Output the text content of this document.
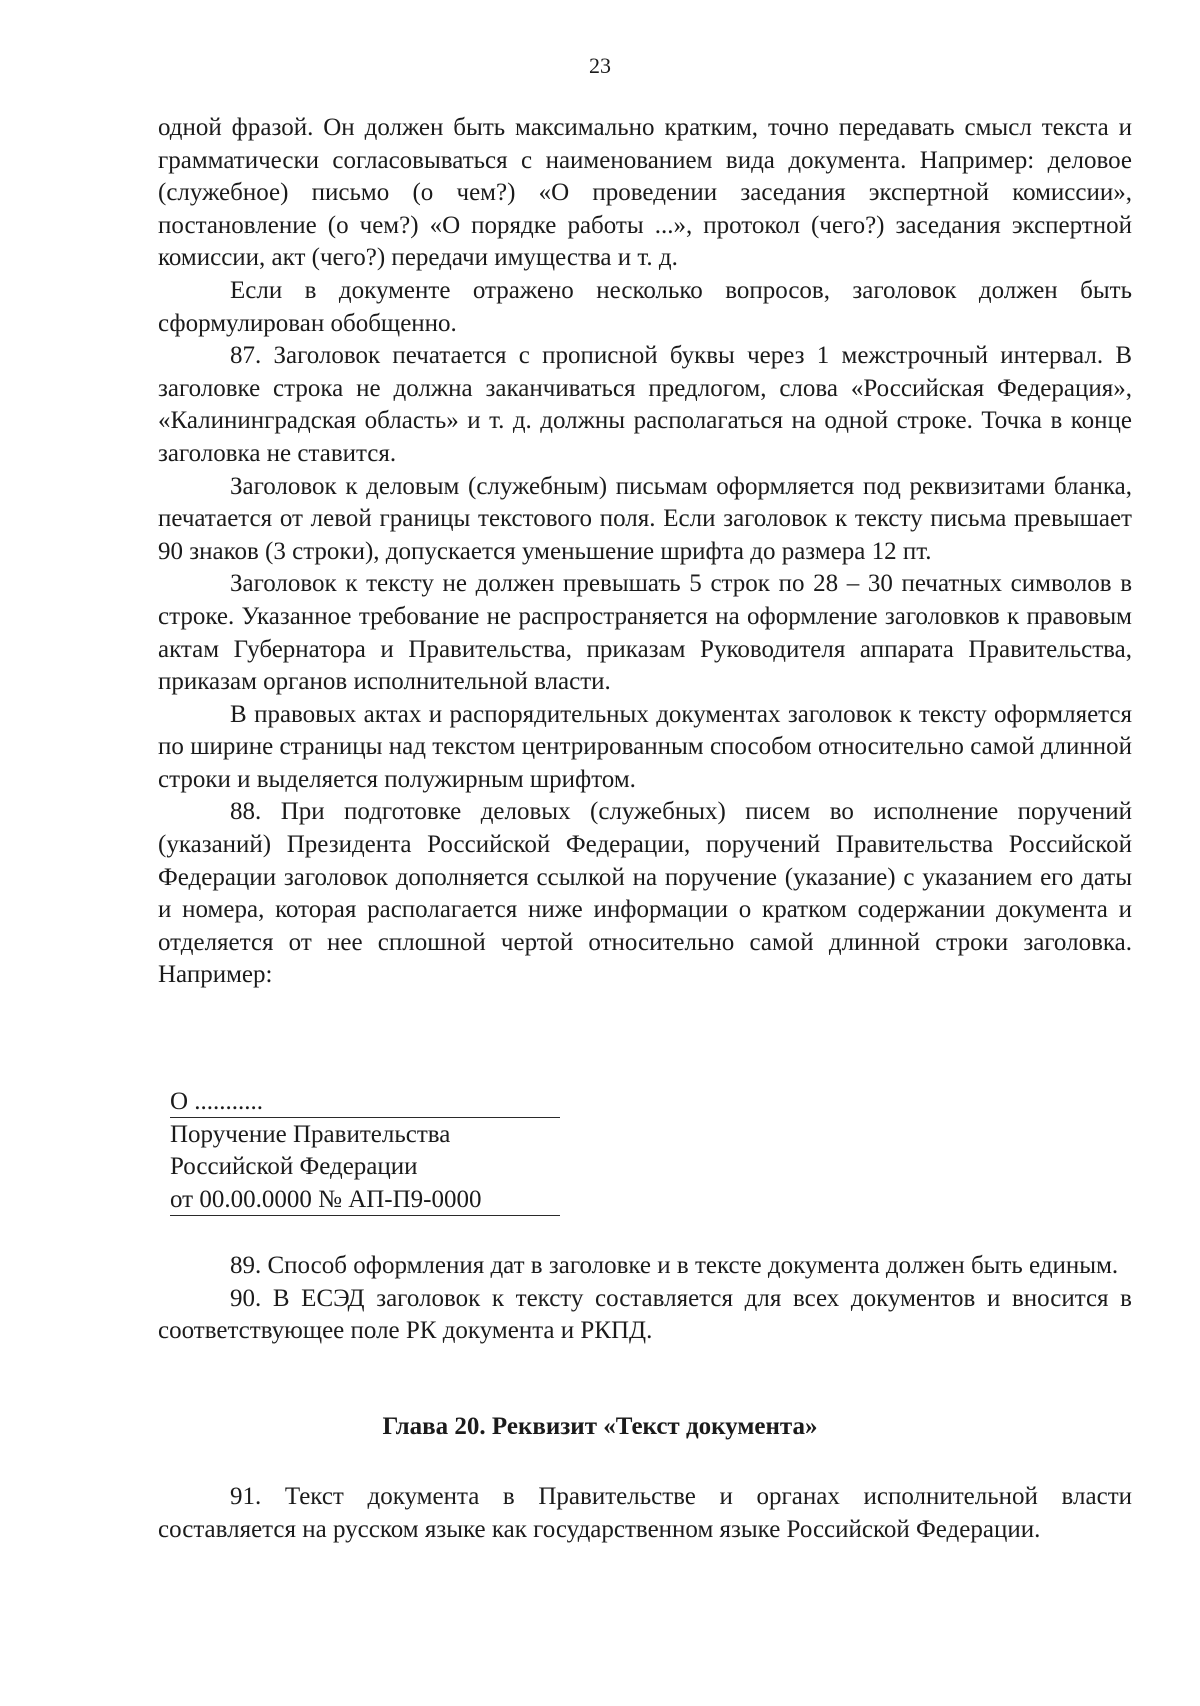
23

одной фразой. Он должен быть максимально кратким, точно передавать смысл текста и грамматически согласовываться с наименованием вида документа. Например: деловое (служебное) письмо (о чем?) «О проведении заседания экспертной комиссии», постановление (о чем?) «О порядке работы ...», протокол (чего?) заседания экспертной комиссии, акт (чего?) передачи имущества и т. д.

Если в документе отражено несколько вопросов, заголовок должен быть сформулирован обобщенно.

87. Заголовок печатается с прописной буквы через 1 межстрочный интервал. В заголовке строка не должна заканчиваться предлогом, слова «Российская Федерация», «Калининградская область» и т. д. должны располагаться на одной строке. Точка в конце заголовка не ставится.

Заголовок к деловым (служебным) письмам оформляется под реквизитами бланка, печатается от левой границы текстового поля. Если заголовок к тексту письма превышает 90 знаков (3 строки), допускается уменьшение шрифта до размера 12 пт.

Заголовок к тексту не должен превышать 5 строк по 28 – 30 печатных символов в строке. Указанное требование не распространяется на оформление заголовков к правовым актам Губернатора и Правительства, приказам Руководителя аппарата Правительства, приказам органов исполнительной власти.

В правовых актах и распорядительных документах заголовок к тексту оформляется по ширине страницы над текстом центрированным способом относительно самой длинной строки и выделяется полужирным шрифтом.

88. При подготовке деловых (служебных) писем во исполнение поручений (указаний) Президента Российской Федерации, поручений Правительства Российской Федерации заголовок дополняется ссылкой на поручение (указание) с указанием его даты и номера, которая располагается ниже информации о кратком содержании документа и отделяется от нее сплошной чертой относительно самой длинной строки заголовка. Например:

О ...........
Поручение Правительства
Российской Федерации
от 00.00.0000 № АП-П9-0000

89. Способ оформления дат в заголовке и в тексте документа должен быть единым.

90. В ЕСЭД заголовок к тексту составляется для всех документов и вносится в соответствующее поле РК документа и РКПД.

Глава 20. Реквизит «Текст документа»

91. Текст документа в Правительстве и органах исполнительной власти составляется на русском языке как государственном языке Российской Федерации.
